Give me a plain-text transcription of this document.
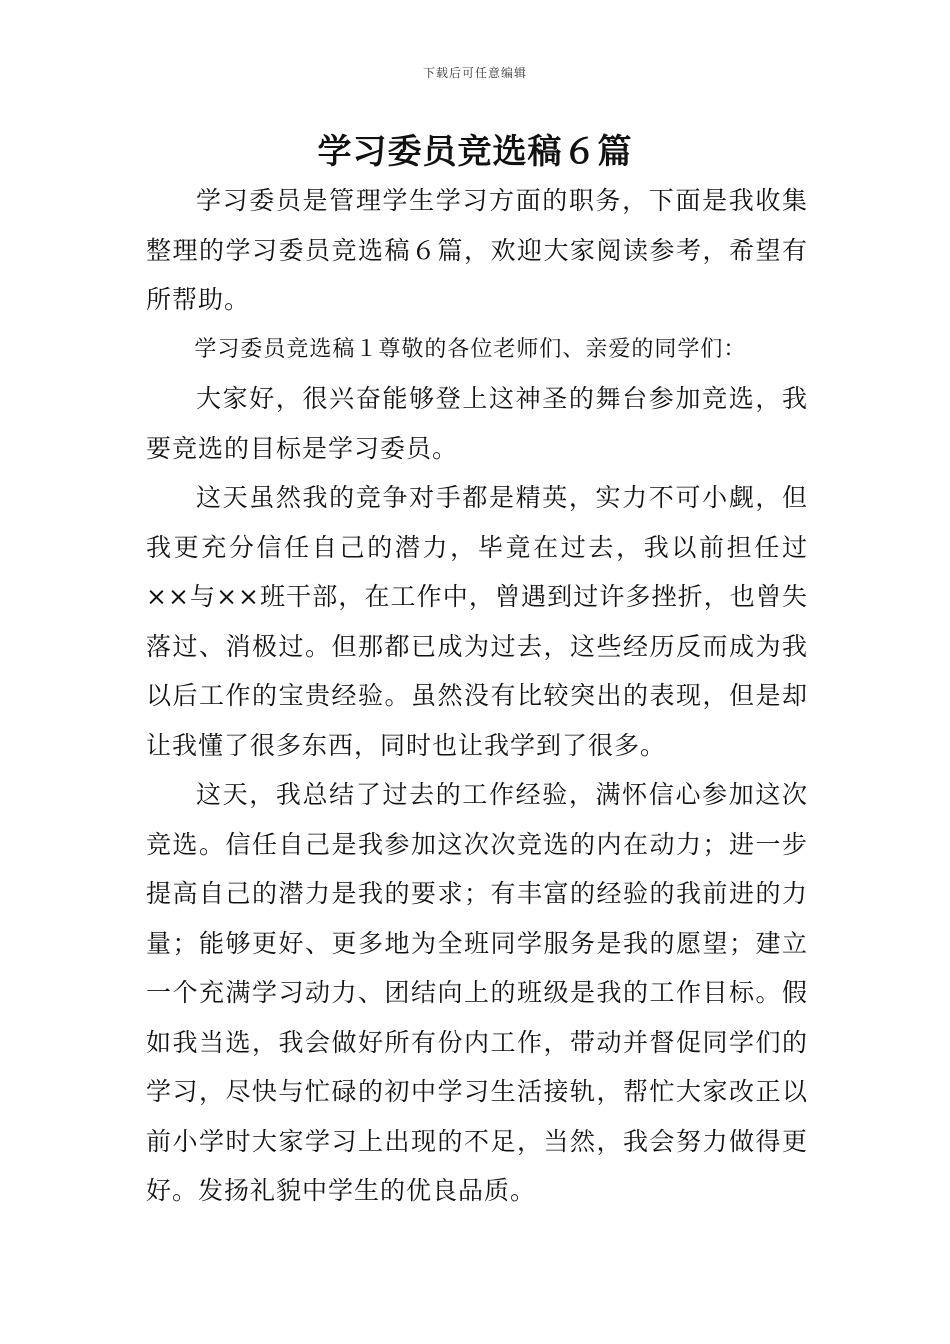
下载后可任意编辑
学习委员竞选稿６篇

学习委员是管理学生学习方面的职务，下面是我收集整理的学习委员竞选稿６篇，欢迎大家阅读参考，希望有所帮助。

学习委员竞选稿１尊敬的各位老师们、亲爱的同学们：

大家好，很兴奋能够登上这神圣的舞台参加竞选，我要竞选的目标是学习委员。

这天虽然我的竞争对手都是精英，实力不可小觑，但我更充分信任自己的潜力，毕竟在过去，我以前担任过××与××班干部，在工作中，曾遇到过许多挫折，也曾失落过、消极过。但那都已成为过去，这些经历反而成为我以后工作的宝贵经验。虽然没有比较突出的表现，但是却让我懂了很多东西，同时也让我学到了很多。

这天，我总结了过去的工作经验，满怀信心参加这次竞选。信任自己是我参加这次次竞选的内在动力；进一步提高自己的潜力是我的要求；有丰富的经验的我前进的力量；能够更好、更多地为全班同学服务是我的愿望；建立一个充满学习动力、团结向上的班级是我的工作目标。假如我当选，我会做好所有份内工作，带动并督促同学们的学习，尽快与忙碌的初中学习生活接轨，帮忙大家改正以前小学时大家学习上出现的不足，当然，我会努力做得更好。发扬礼貌中学生的优良品质。
